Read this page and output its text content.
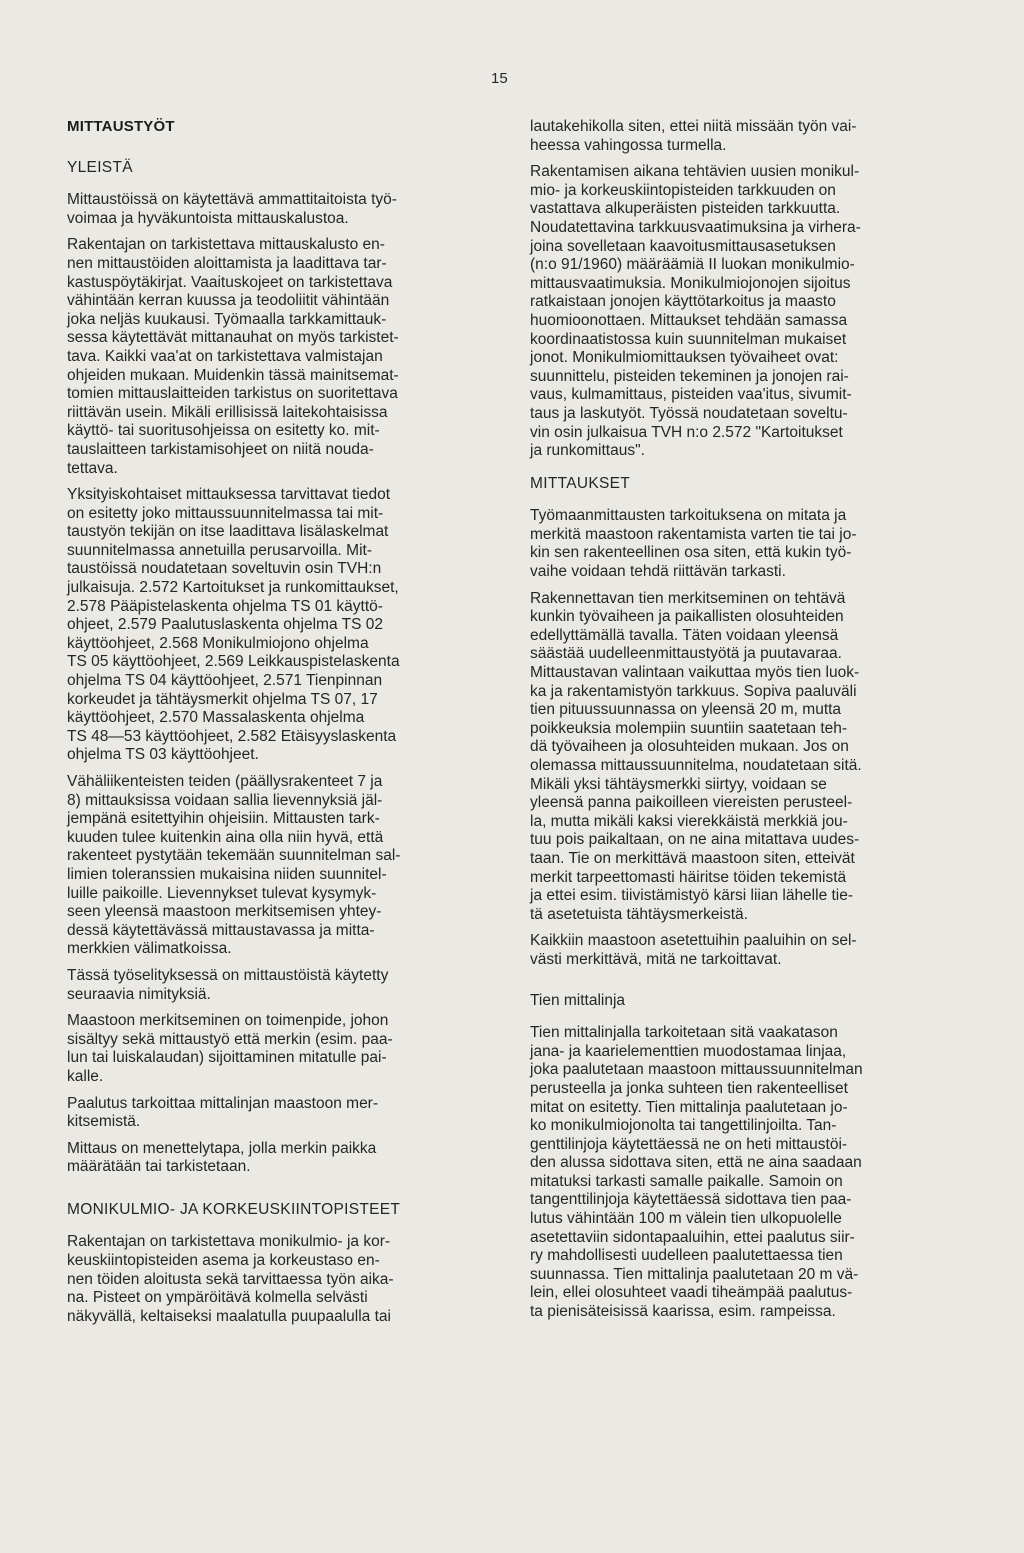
15
MITTAUSTYÖT
YLEISTÄ

Mittaustöissä on käytettävä ammattitaitoista työ-
voimaa ja hyväkuntoista mittauskalustoa.

Rakentajan on tarkistettava mittauskalusto en-
nen mittaustöiden aloittamista ja laadittava tar-
kastuspöytäkirjat. Vaaituskojeet on tarkistettava
vähintään kerran kuussa ja teodoliitit vähintään
joka neljäs kuukausi. Työmaalla tarkkamittauk-
sessa käytettävät mittanauhat on myös tarkistet-
tava. Kaikki vaa'at on tarkistettava valmistajan
ohjeiden mukaan. Muidenkin tässä mainitsemat-
tomien mittauslaitteiden tarkistus on suoritettava
riittävän usein. Mikäli erillisissä laitekohtaisissa
käyttö- tai suoritusohjeissa on esitetty ko. mit-
tauslaitteen tarkistamisohjeet on niitä nouda-
tettava.

Yksityiskohtaiset mittauksessa tarvittavat tiedot
on esitetty joko mittaussuunnitelmassa tai mit-
taustyön tekijän on itse laadittava lisälaskelmat
suunnitelmassa annetuilla perusarvoilla. Mit-
taustöissä noudatetaan soveltuvin osin TVH:n
julkaisuja. 2.572 Kartoitukset ja runkomittaukset,
2.578 Pääpistelaskenta ohjelma TS 01 käyttö-
ohjeet, 2.579 Paalutuslaskenta ohjelma TS 02
käyttöohjeet, 2.568 Monikulmiojono ohjelma
TS 05 käyttöohjeet, 2.569 Leikkauspistelaskenta
ohjelma TS 04 käyttöohjeet, 2.571 Tienpinnan
korkeudet ja tähtäysmerkit ohjelma TS 07, 17
käyttöohjeet, 2.570 Massalaskenta ohjelma
TS 48—53 käyttöohjeet, 2.582 Etäisyyslaskenta
ohjelma TS 03 käyttöohjeet.

Vähäliikenteisten teiden (päällysrakenteet 7 ja
8) mittauksissa voidaan sallia lievennyksiä jäl-
jempänä esitettyihin ohjeisiin. Mittausten tark-
kuuden tulee kuitenkin aina olla niin hyvä, että
rakenteet pystytään tekemään suunnitelman sal-
limien toleranssien mukaisina niiden suunnitel-
luille paikoille. Lievennykset tulevat kysymyk-
seen yleensä maastoon merkitsemisen yhtey-
dessä käytettävässä mittaustavassa ja mitta-
merkkien välimatkoissa.

Tässä työselityksessä on mittaustöistä käytetty
seuraavia nimityksiä.

Maastoon merkitseminen on toimenpide, johon
sisältyy sekä mittaustyö että merkin (esim. paa-
lun tai luiskalaudan) sijoittaminen mitatulle pai-
kalle.

Paalutus tarkoittaa mittalinjan maastoon mer-
kitsemistä.

Mittaus on menettelytapa, jolla merkin paikka
määrätään tai tarkistetaan.

MONIKULMIO- JA KORKEUSKIINTOPISTEET

Rakentajan on tarkistettava monikulmio- ja kor-
keuskiintopisteiden asema ja korkeustaso en-
nen töiden aloitusta sekä tarvittaessa työn aika-
na. Pisteet on ympäröitävä kolmella selvästi
näkyvällä, keltaiseksi maalatulla puupaalulla tai

lautakehikolla siten, ettei niitä missään työn vai-
heessa vahingossa turmella.

Rakentamisen aikana tehtävien uusien monikul-
mio- ja korkeuskiintopisteiden tarkkuuden on
vastattava alkuperäisten pisteiden tarkkuutta.
Noudatettavina tarkkuusvaatimuksina ja virhera-
joina sovelletaan kaavoitusmittausasetuksen
(n:o 91/1960) määräämiä II luokan monikulmio-
mittausvaatimuksia. Monikulmiojonojen sijoitus
ratkaistaan jonojen käyttötarkoitus ja maasto
huomioonottaen. Mittaukset tehdään samassa
koordinaatistossa kuin suunnitelman mukaiset
jonot. Monikulmiomittauksen työvaiheet ovat:
suunnittelu, pisteiden tekeminen ja jonojen rai-
vaus, kulmamittaus, pisteiden vaa'itus, sivumit-
taus ja laskutyöt. Työssä noudatetaan soveltu-
vin osin julkaisua TVH n:o 2.572 "Kartoitukset
ja runkomittaus".

MITTAUKSET

Työmaanmittausten tarkoituksena on mitata ja
merkitä maastoon rakentamista varten tie tai jo-
kin sen rakenteellinen osa siten, että kukin työ-
vaihe voidaan tehdä riittävän tarkasti.

Rakennettavan tien merkitseminen on tehtävä
kunkin työvaiheen ja paikallisten olosuhteiden
edellyttämällä tavalla. Täten voidaan yleensä
säästää uudelleenmittaustyötä ja puutavaraa.
Mittaustavan valintaan vaikuttaa myös tien luok-
ka ja rakentamistyön tarkkuus. Sopiva paaluväli
tien pituussuunnassa on yleensä 20 m, mutta
poikkeuksia molempiin suuntiin saatetaan teh-
dä työvaiheen ja olosuhteiden mukaan. Jos on
olemassa mittaussuunnitelma, noudatetaan sitä.
Mikäli yksi tähtäysmerkki siirtyy, voidaan se
yleensä panna paikoilleen viereisten perusteel-
la, mutta mikäli kaksi vierekkäistä merkkiä jou-
tuu pois paikaltaan, on ne aina mitattava uudes-
taan. Tie on merkittävä maastoon siten, etteivät
merkit tarpeettomasti häiritse töiden tekemistä
ja ettei esim. tiivistämistyö kärsi liian lähelle tie-
tä asetetuista tähtäysmerkeistä.

Kaikkiin maastoon asetettuihin paaluihin on sel-
västi merkittävä, mitä ne tarkoittavat.

Tien mittalinja

Tien mittalinjalla tarkoitetaan sitä vaakatason
jana- ja kaarielementtien muodostamaa linjaa,
joka paalutetaan maastoon mittaussuunnitelman
perusteella ja jonka suhteen tien rakenteelliset
mitat on esitetty. Tien mittalinja paalutetaan jo-
ko monikulmiojonolta tai tangettilinjoilta. Tan-
genttilinjoja käytettäessä ne on heti mittaustöi-
den alussa sidottava siten, että ne aina saadaan
mitatuksi tarkasti samalle paikalle. Samoin on
tangenttilinjoja käytettäessä sidottava tien paa-
lutus vähintään 100 m välein tien ulkopuolelle
asetettaviin sidontapaaluihin, ettei paalutus siir-
ry mahdollisesti uudelleen paalutettaessa tien
suunnassa. Tien mittalinja paalutetaan 20 m vä-
lein, ellei olosuhteet vaadi tiheämpää paalutus-
ta pienisäteisissä kaarissa, esim. rampeissa.
